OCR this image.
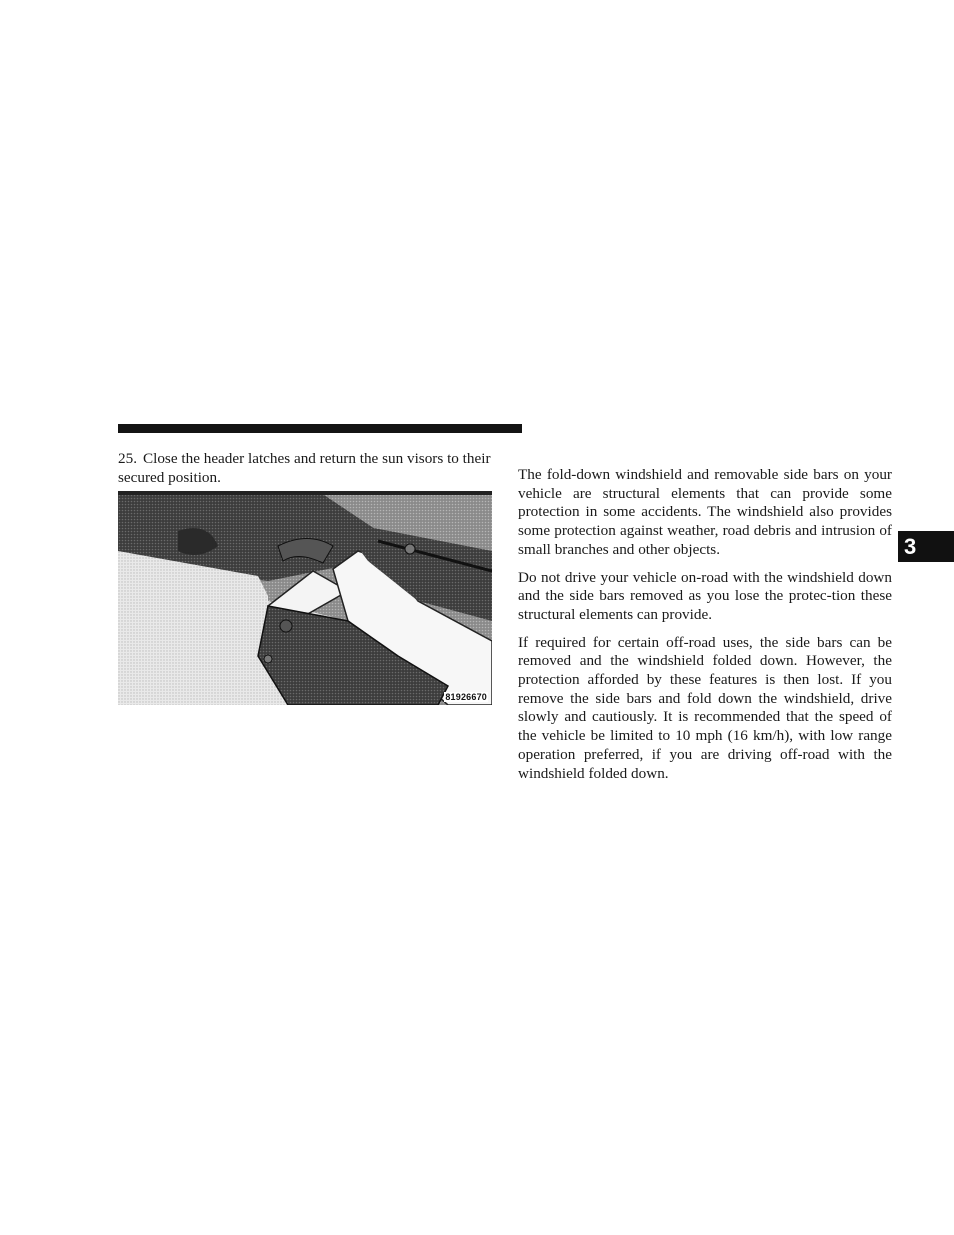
25. Close the header latches and return the sun visors to their secured position.

81926670

The fold-down windshield and removable side bars on your vehicle are structural elements that can provide some protection in some accidents. The windshield also provides some protection against weather, road debris and intrusion of small branches and other objects.

Do not drive your vehicle on-road with the windshield down and the side bars removed as you lose the protec-tion these structural elements can provide.

If required for certain off-road uses, the side bars can be removed and the windshield folded down. However, the protection afforded by these features is then lost. If you remove the side bars and fold down the windshield, drive slowly and cautiously. It is recommended that the speed of the vehicle be limited to 10 mph (16 km/h), with low range operation preferred, if you are driving off-road with the windshield folded down.

3
